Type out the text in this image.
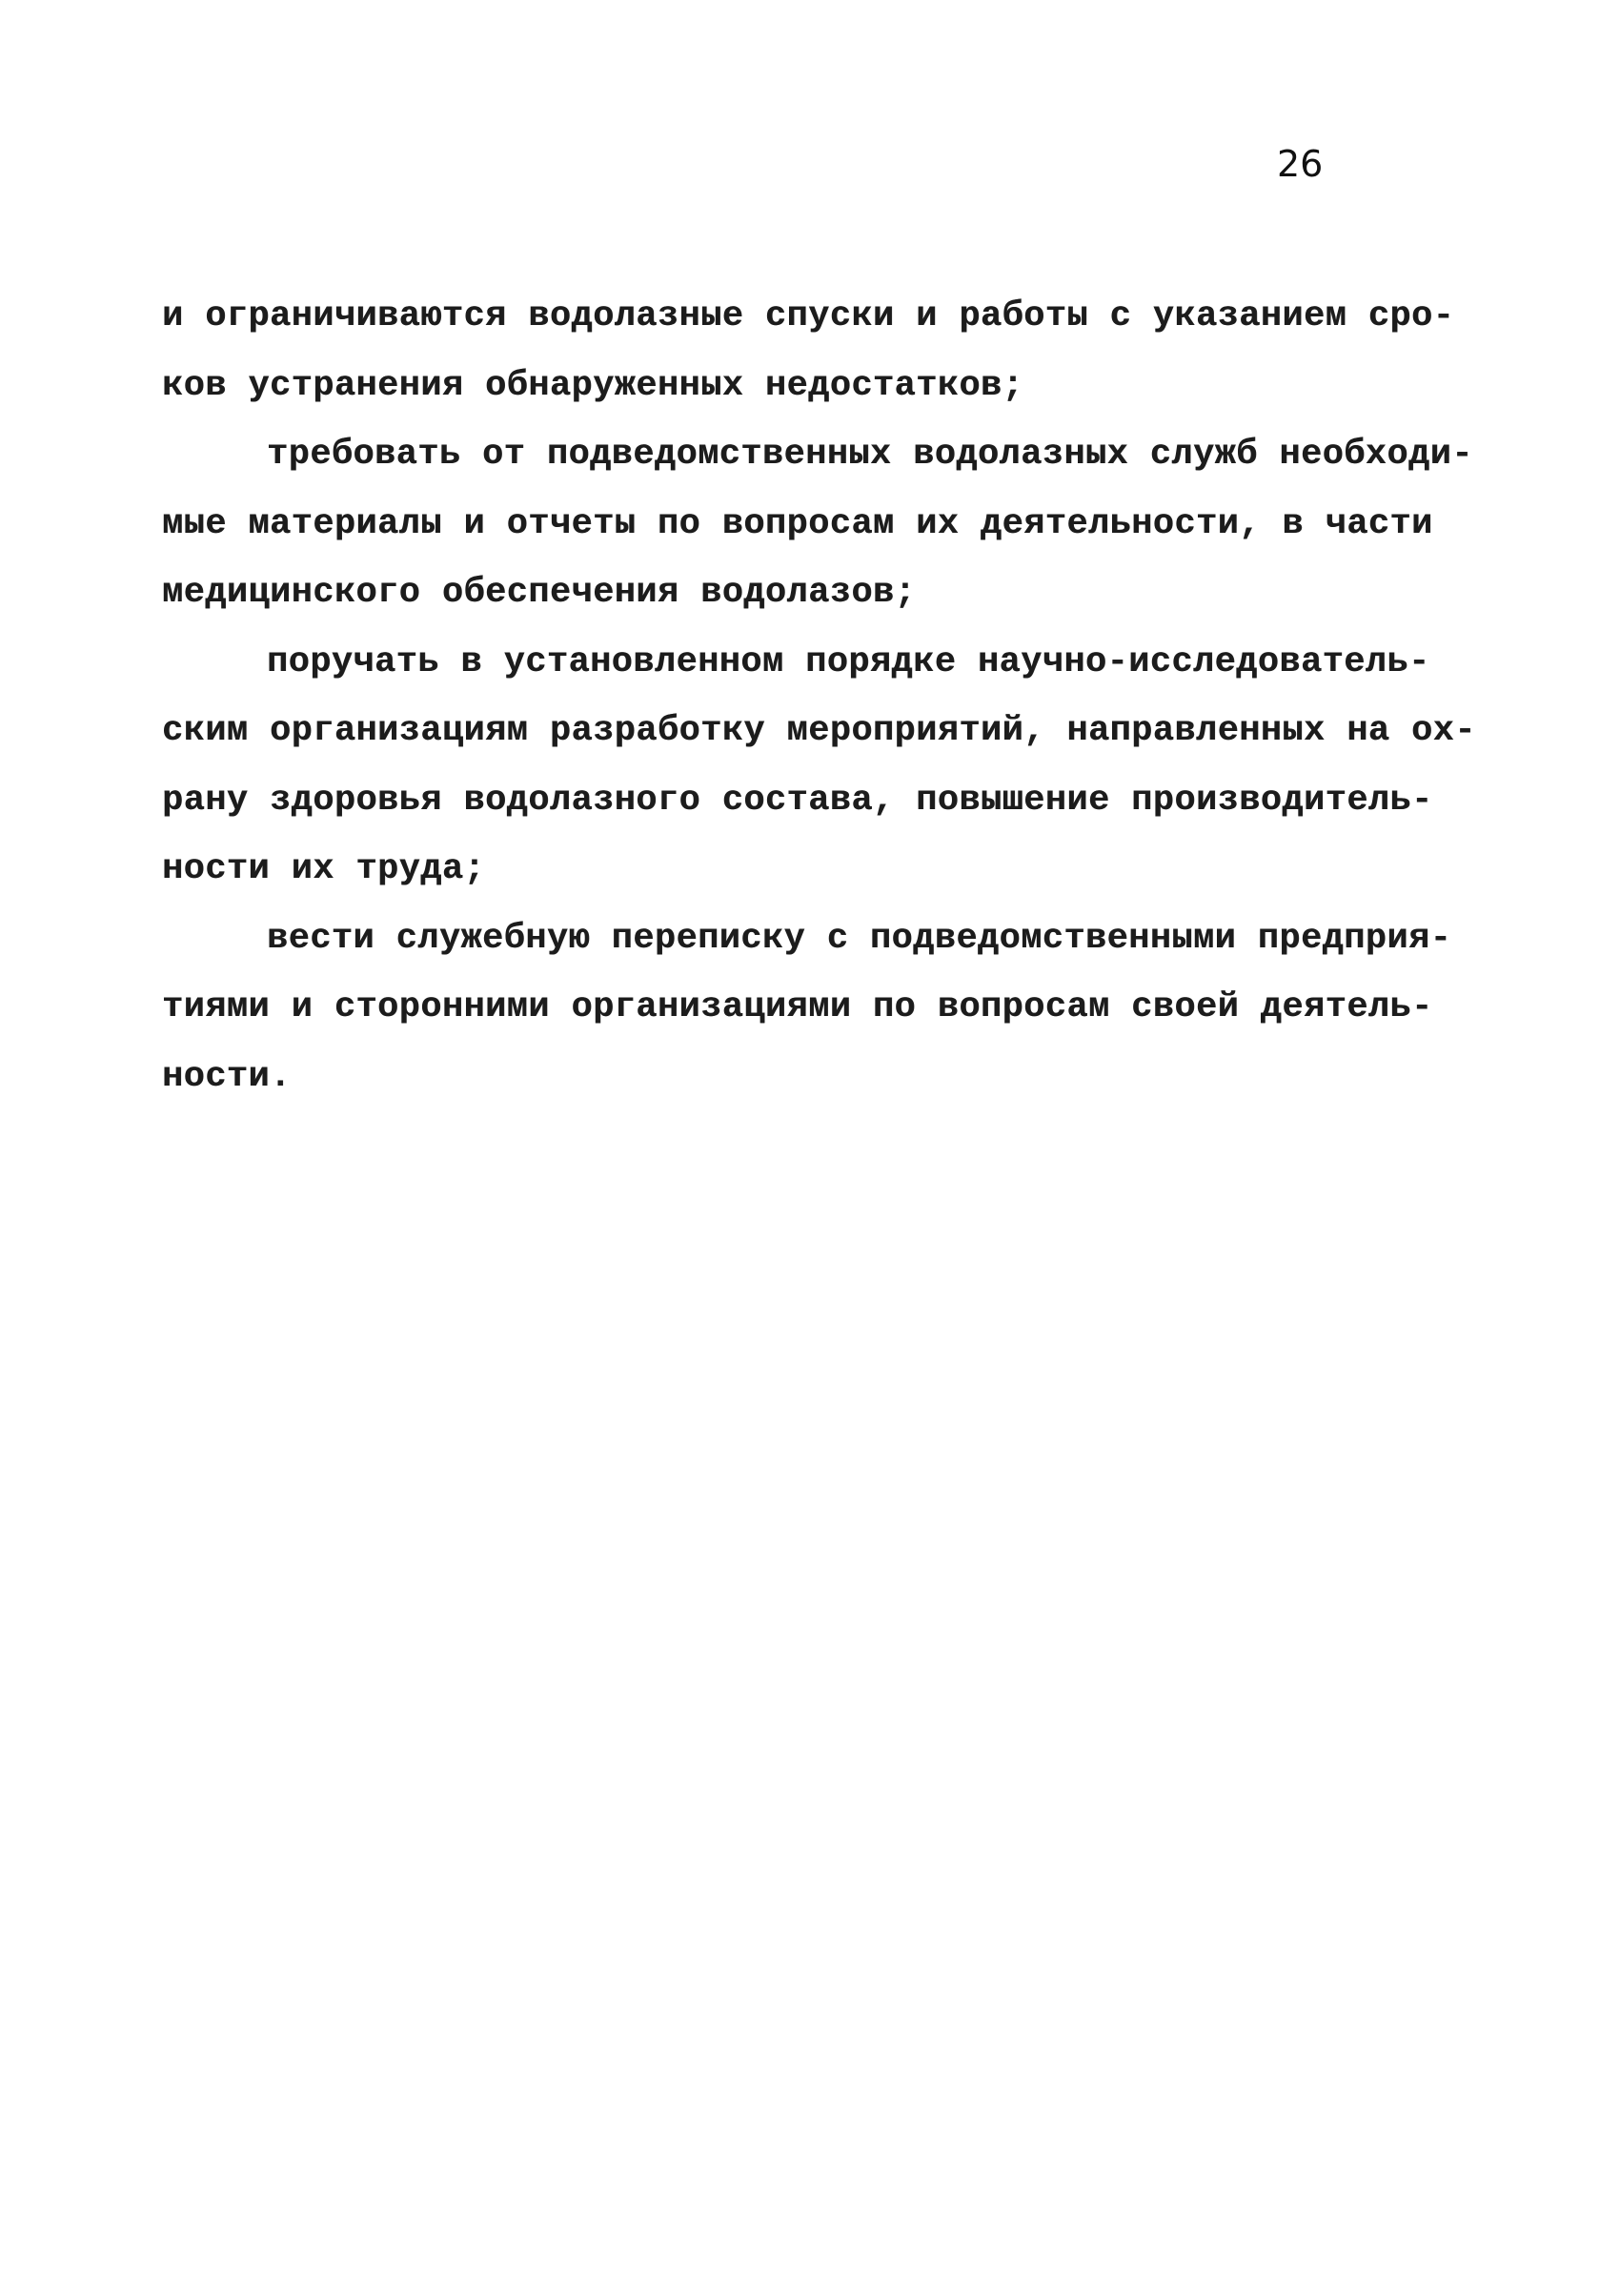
26

и ограничиваются водолазные спуски и работы с указанием сро-
ков устранения обнаруженных недостатков;
требовать от подведомственных водолазных служб необходи-
мые материалы и отчеты по вопросам их деятельности, в части
медицинского обеспечения водолазов;
поручать в установленном порядке научно-исследователь-
ским организациям разработку мероприятий, направленных на ох-
рану здоровья водолазного состава, повышение производитель-
ности их труда;
вести служебную переписку с подведомственными предприя-
тиями и сторонними организациями по вопросам своей деятель-
ности.
